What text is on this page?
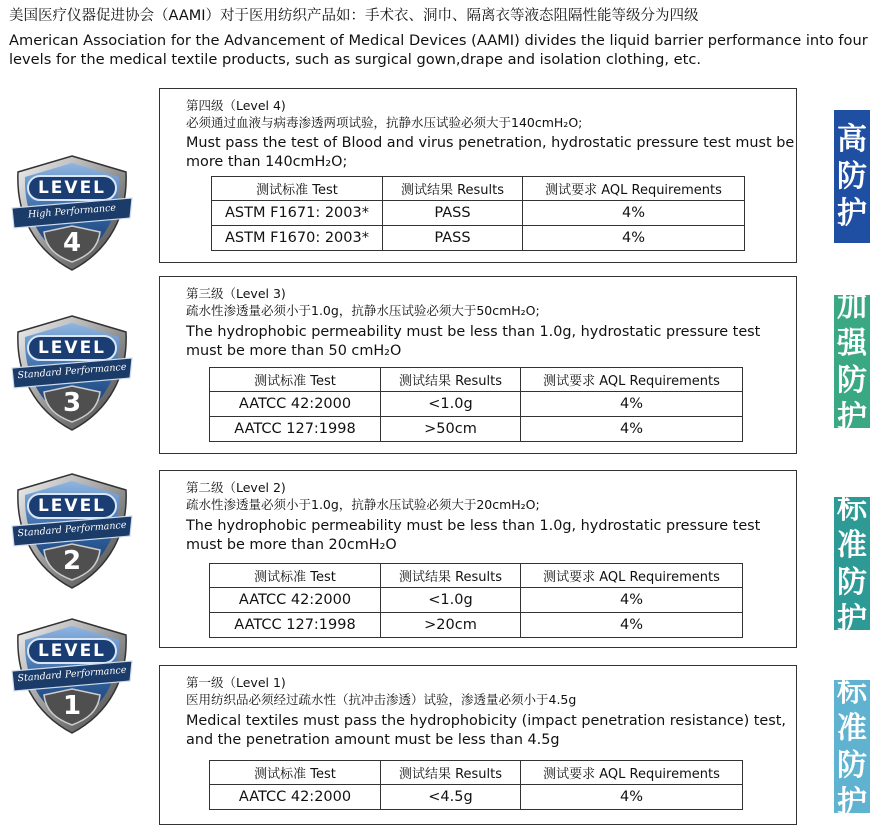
美国医疗仪器促进协会（AAMI）对于医用纺织产品如：手术衣、洞巾、隔离衣等液态阻隔性能等级分为四级
American Association for the Advancement of Medical Devices (AAMI) divides the liquid barrier performance into four levels for the medical textile products, such as surgical gown,drape and isolation clothing, etc.
LEVEL
High Performance
4
第四级（Level 4)
必须通过血液与病毒渗透两项试验，抗静水压试验必须大于140cmH₂O;
Must pass the test of Blood and virus penetration, hydrostatic pressure test must be
more than 140cmH₂O;
测试标准 Test	测试结果 Results	测试要求 AQL Requirements
ASTM F1671: 2003*	PASS	4%
ASTM F1670: 2003*	PASS	4%
高
防
护
LEVEL
Standard Performance
3
第三级（Level 3)
疏水性渗透量必须小于1.0g，抗静水压试验必须大于50cmH₂O;
The hydrophobic permeability must be less than 1.0g, hydrostatic pressure test
must be more than 50 cmH₂O
测试标准 Test	测试结果 Results	测试要求 AQL Requirements
AATCC 42:2000	<1.0g	4%
AATCC 127:1998	>50cm	4%
加
强
防
护
LEVEL
Standard Performance
2
第二级（Level 2)
疏水性渗透量必须小于1.0g，抗静水压试验必须大于20cmH₂O;
The hydrophobic permeability must be less than 1.0g, hydrostatic pressure test
must be more than 20cmH₂O
测试标准 Test	测试结果 Results	测试要求 AQL Requirements
AATCC 42:2000	<1.0g	4%
AATCC 127:1998	>20cm	4%
标
准
防
护
LEVEL
Standard Performance
1
第一级（Level 1)
医用纺织品必须经过疏水性（抗冲击渗透）试验，渗透量必须小于4.5g
Medical textiles must pass the hydrophobicity (impact penetration resistance) test,
and the penetration amount must be less than 4.5g
测试标准 Test	测试结果 Results	测试要求 AQL Requirements
AATCC 42:2000	<4.5g	4%
标
准
防
护
